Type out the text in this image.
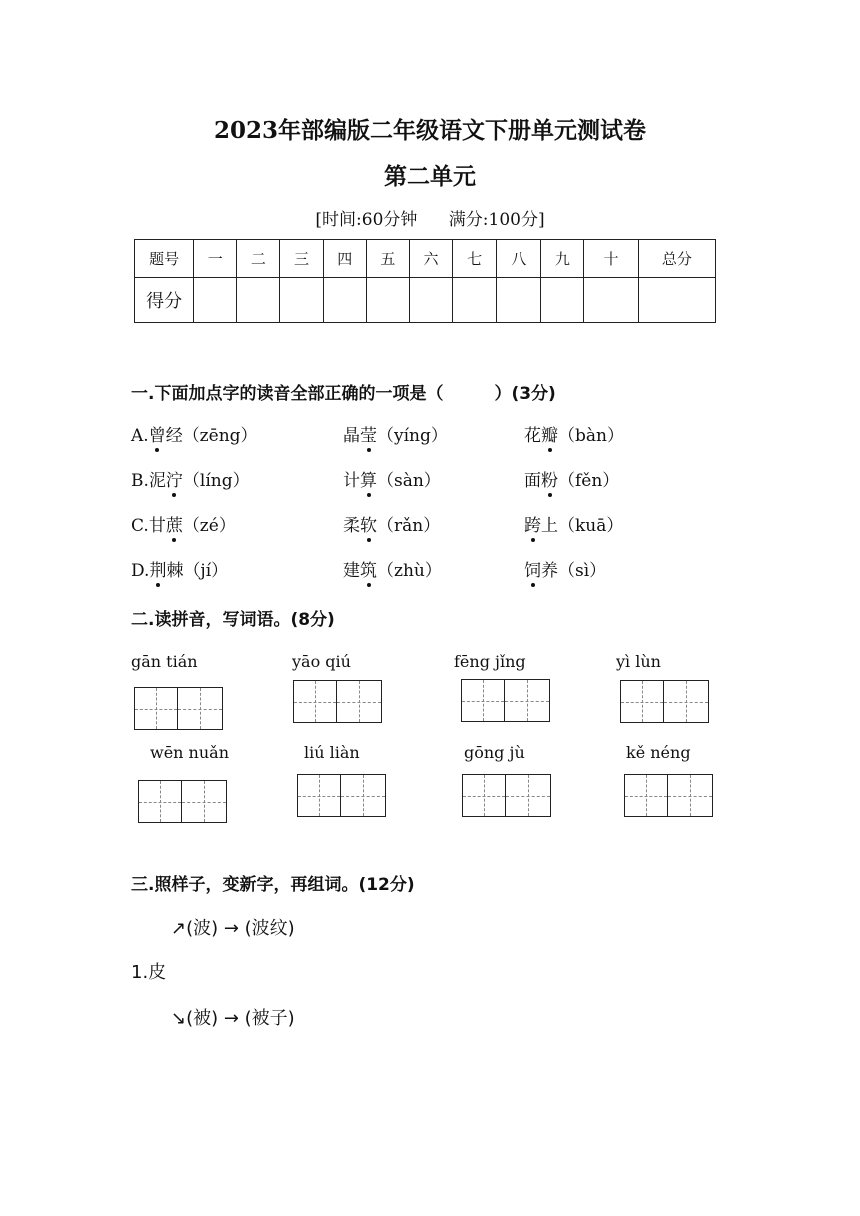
2023年部编版二年级语文下册单元测试卷
第二单元
[时间:60分钟 满分:100分]
题号	一	二	三	四	五	六	七	八	九	十	总分
得分											
一.下面加点字的读音全部正确的一项是（　　　）(3分)
A.曾经（zēng）	晶莹（yíng）	花瓣（bàn）
B.泥泞（líng）	计算（sàn）	面粉（fěn）
C.甘蔗（zé）	柔软（rǎn）	跨上（kuā）
D.荆棘（jí）	建筑（zhù）	饲养（sì）
二.读拼音，写词语。(8分)
gān tián	yāo qiú	fēng jǐng	yì lùn
wēn nuǎn	liú liàn	gōng jù	kě néng
三.照样子，变新字，再组词。(12分)
↗(波) → (波纹)
1.皮
↘(被) → (被子)
